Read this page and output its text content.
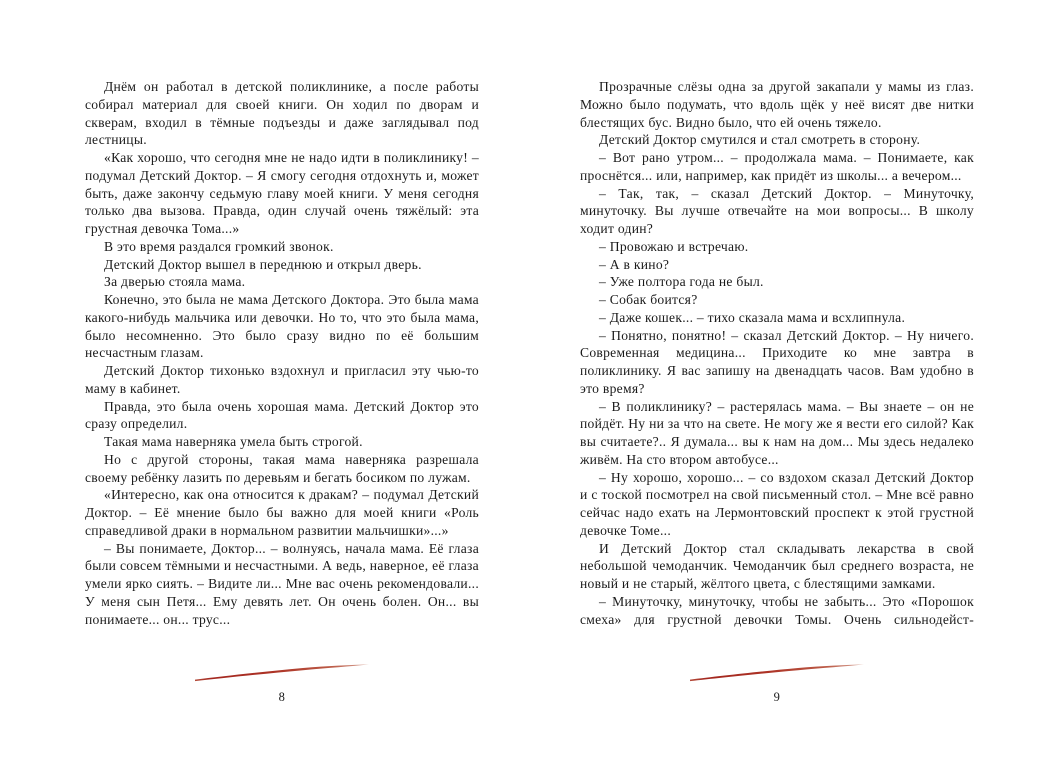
Днём он работал в детской поликлинике, а после работы собирал материал для своей книги. Он ходил по дворам и скверам, входил в тёмные подъезды и даже заглядывал под лестницы.

«Как хорошо, что сегодня мне не надо идти в поликлинику! – подумал Детский Доктор. – Я смогу сегодня отдохнуть и, может быть, даже закончу седьмую главу моей книги. У меня сегодня только два вызова. Правда, один случай очень тяжёлый: эта грустная девочка Тома...»

В это время раздался громкий звонок.

Детский Доктор вышел в переднюю и открыл дверь.

За дверью стояла мама.

Конечно, это была не мама Детского Доктора. Это была мама какого-нибудь мальчика или девочки. Но то, что это была мама, было несомненно. Это было сразу видно по её большим несчастным глазам.

Детский Доктор тихонько вздохнул и пригласил эту чью-то маму в кабинет.

Правда, это была очень хорошая мама. Детский Доктор это сразу определил.

Такая мама наверняка умела быть строгой.

Но с другой стороны, такая мама наверняка разрешала своему ребёнку лазить по деревьям и бегать босиком по лужам.

«Интересно, как она относится к дракам? – подумал Детский Доктор. – Её мнение было бы важно для моей книги «Роль справедливой драки в нормальном развитии мальчишки»...»

– Вы понимаете, Доктор... – волнуясь, начала мама. Её глаза были совсем тёмными и несчастными. А ведь, наверное, её глаза умели ярко сиять. – Видите ли... Мне вас очень рекомендовали... У меня сын Петя... Ему девять лет. Он очень болен. Он... вы понимаете... он... трус...

8

Прозрачные слёзы одна за другой закапали у мамы из глаз. Можно было подумать, что вдоль щёк у неё висят две нитки блестящих бус. Видно было, что ей очень тяжело.

Детский Доктор смутился и стал смотреть в сторону.

– Вот рано утром... – продолжала мама. – Понимаете, как проснётся... или, например, как придёт из школы... а вечером...

– Так, так, – сказал Детский Доктор. – Минуточку, минуточку. Вы лучше отвечайте на мои вопросы... В школу ходит один?

– Провожаю и встречаю.

– А в кино?

– Уже полтора года не был.

– Собак боится?

– Даже кошек... – тихо сказала мама и всхлипнула.

– Понятно, понятно! – сказал Детский Доктор. – Ну ничего. Современная медицина... Приходите ко мне завтра в поликлинику. Я вас запишу на двенадцать часов. Вам удобно в это время?

– В поликлинику? – растерялась мама. – Вы знаете – он не пойдёт. Ну ни за что на свете. Не могу же я вести его силой? Как вы считаете?.. Я думала... вы к нам на дом... Мы здесь недалеко живём. На сто втором автобусе...

– Ну хорошо, хорошо... – со вздохом сказал Детский Доктор и с тоской посмотрел на свой письменный стол. – Мне всё равно сейчас надо ехать на Лермонтовский проспект к этой грустной девочке Томе...

И Детский Доктор стал складывать лекарства в свой небольшой чемоданчик. Чемоданчик был среднего возраста, не новый и не старый, жёлтого цвета, с блестящими замками.

– Минуточку, минуточку, чтобы не забыть... Это «Порошок смеха» для грустной девочки Томы. Очень сильнодейст-

9
